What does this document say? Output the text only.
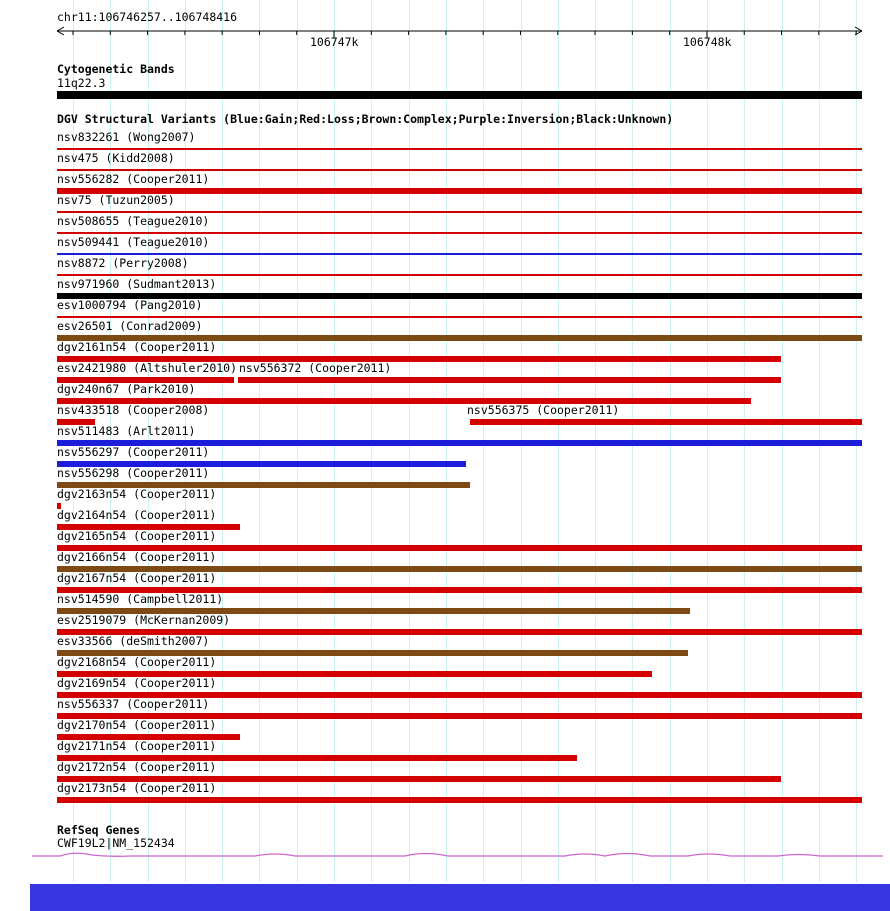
chr11:106746257..106748416
Cytogenetic Bands
11q22.3
DGV Structural Variants (Blue:Gain;Red:Loss;Brown:Complex;Purple:Inversion;Black:Unknown)
nsv832261 (Wong2007)
nsv475 (Kidd2008)
nsv556282 (Cooper2011)
nsv75 (Tuzun2005)
nsv508655 (Teague2010)
nsv509441 (Teague2010)
nsv8872 (Perry2008)
nsv971960 (Sudmant2013)
esv1000794 (Pang2010)
esv26501 (Conrad2009)
dgv2161n54 (Cooper2011)
esv2421980 (Altshuler2010) nsv556372 (Cooper2011)
dgv240n67 (Park2010)
nsv433518 (Cooper2008)	nsv556375 (Cooper2011)
nsv511483 (Arlt2011)
nsv556297 (Cooper2011)
nsv556298 (Cooper2011)
dgv2163n54 (Cooper2011)
dgv2164n54 (Cooper2011)
dgv2165n54 (Cooper2011)
dgv2166n54 (Cooper2011)
dgv2167n54 (Cooper2011)
nsv514590 (Campbell2011)
esv2519079 (McKernan2009)
esv33566 (deSmith2007)
dgv2168n54 (Cooper2011)
dgv2169n54 (Cooper2011)
nsv556337 (Cooper2011)
dgv2170n54 (Cooper2011)
dgv2171n54 (Cooper2011)
dgv2172n54 (Cooper2011)
dgv2173n54 (Cooper2011)
RefSeq Genes
CWF19L2|NM_152434
106747k	106748k
